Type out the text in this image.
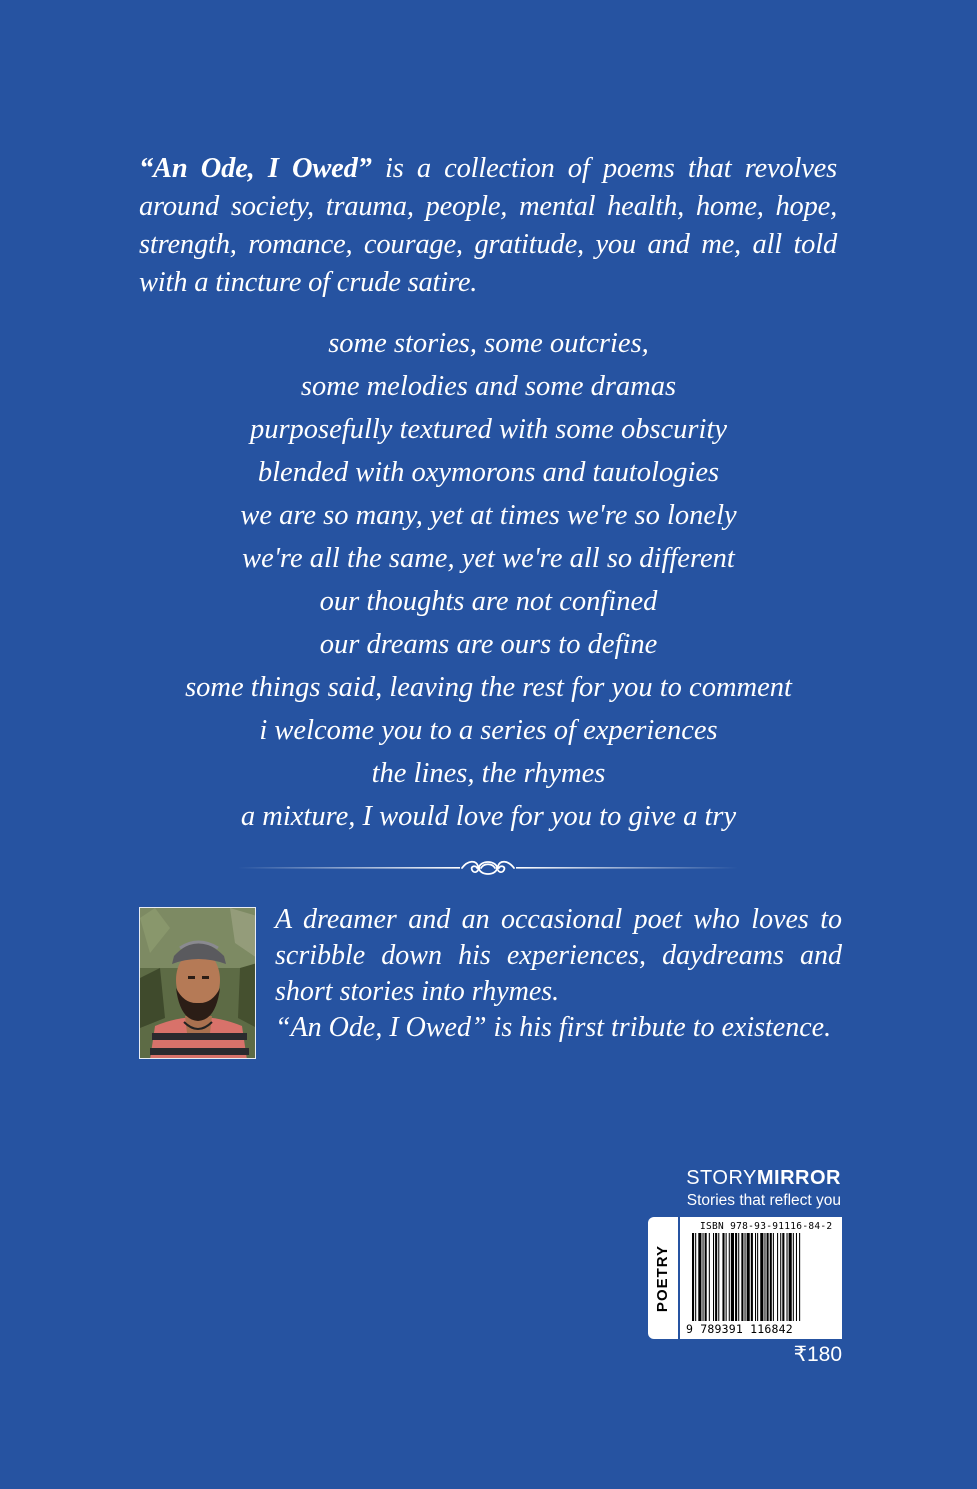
“An Ode, I Owed” is a collection of poems that revolves around society, trauma, people, mental health, home, hope, strength, romance, courage, gratitude, you and me, all told with a tincture of crude satire.
some stories, some outcries,
some melodies and some dramas
purposefully textured with some obscurity
blended with oxymorons and tautologies
we are so many, yet at times we're so lonely
we're all the same, yet we're all so different
our thoughts are not confined
our dreams are ours to define
some things said, leaving the rest for you to comment
i welcome you to a series of experiences
the lines, the rhymes
a mixture, I would love for you to give a try

A dreamer and an occasional poet who loves to scribble down his experiences, daydreams and short stories into rhymes.

“An Ode, I Owed” is his first tribute to existence.

STORYMIRROR
Stories that reflect you
POETRY
ISBN 978-93-91116-84-2
9 789391 116842
₹180
